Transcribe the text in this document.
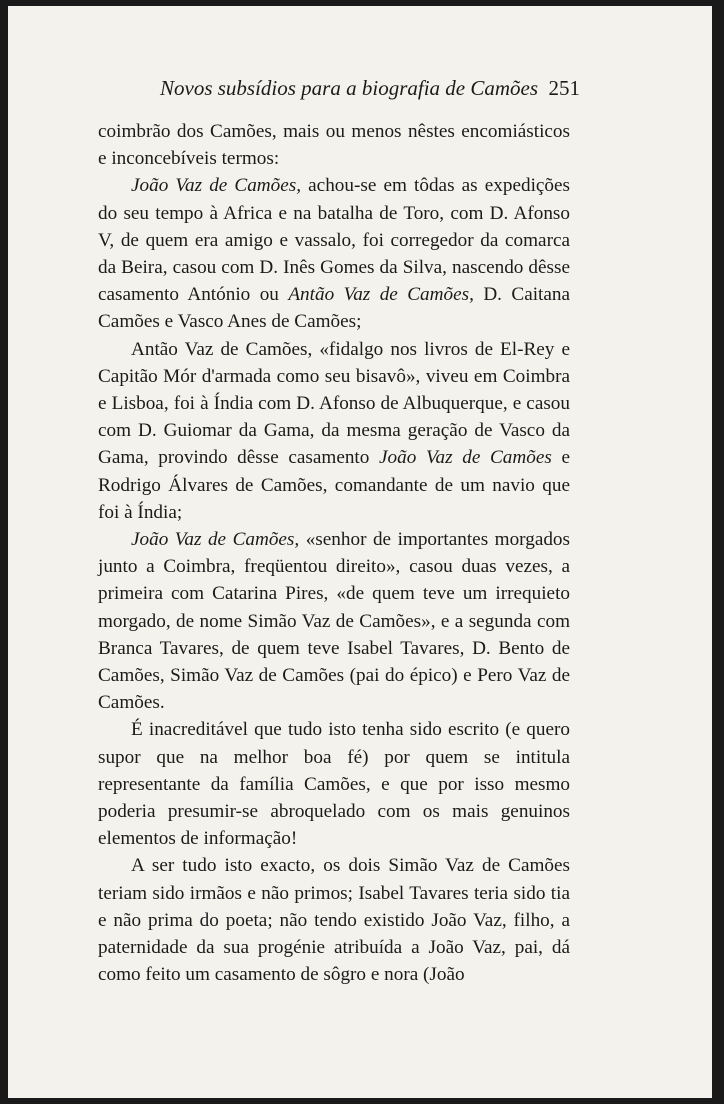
Novos subsídios para a biografia de Camões 251

coimbrão dos Camões, mais ou menos nêstes encomiásticos e inconcebíveis termos:

João Vaz de Camões, achou-se em tôdas as expedições do seu tempo à Africa e na batalha de Toro, com D. Afonso V, de quem era amigo e vassalo, foi corregedor da comarca da Beira, casou com D. Inês Gomes da Silva, nascendo dêsse casamento António ou Antão Vaz de Camões, D. Caitana Camões e Vasco Anes de Camões;

Antão Vaz de Camões, «fidalgo nos livros de El-Rey e Capitão Mór d'armada como seu bisavô», viveu em Coimbra e Lisboa, foi à Índia com D. Afonso de Albuquerque, e casou com D. Guiomar da Gama, da mesma geração de Vasco da Gama, provindo dêsse casamento João Vaz de Camões e Rodrigo Álvares de Camões, comandante de um navio que foi à Índia;

João Vaz de Camões, «senhor de importantes morgados junto a Coimbra, freqüentou direito», casou duas vezes, a primeira com Catarina Pires, «de quem teve um irrequieto morgado, de nome Simão Vaz de Camões», e a segunda com Branca Tavares, de quem teve Isabel Tavares, D. Bento de Camões, Simão Vaz de Camões (pai do épico) e Pero Vaz de Camões.

É inacreditável que tudo isto tenha sido escrito (e quero supor que na melhor boa fé) por quem se intitula representante da família Camões, e que por isso mesmo poderia presumir-se abroquelado com os mais genuinos elementos de informação!

A ser tudo isto exacto, os dois Simão Vaz de Camões teriam sido irmãos e não primos; Isabel Tavares teria sido tia e não prima do poeta; não tendo existido João Vaz, filho, a paternidade da sua progénie atribuída a João Vaz, pai, dá como feito um casamento de sôgro e nora (João
